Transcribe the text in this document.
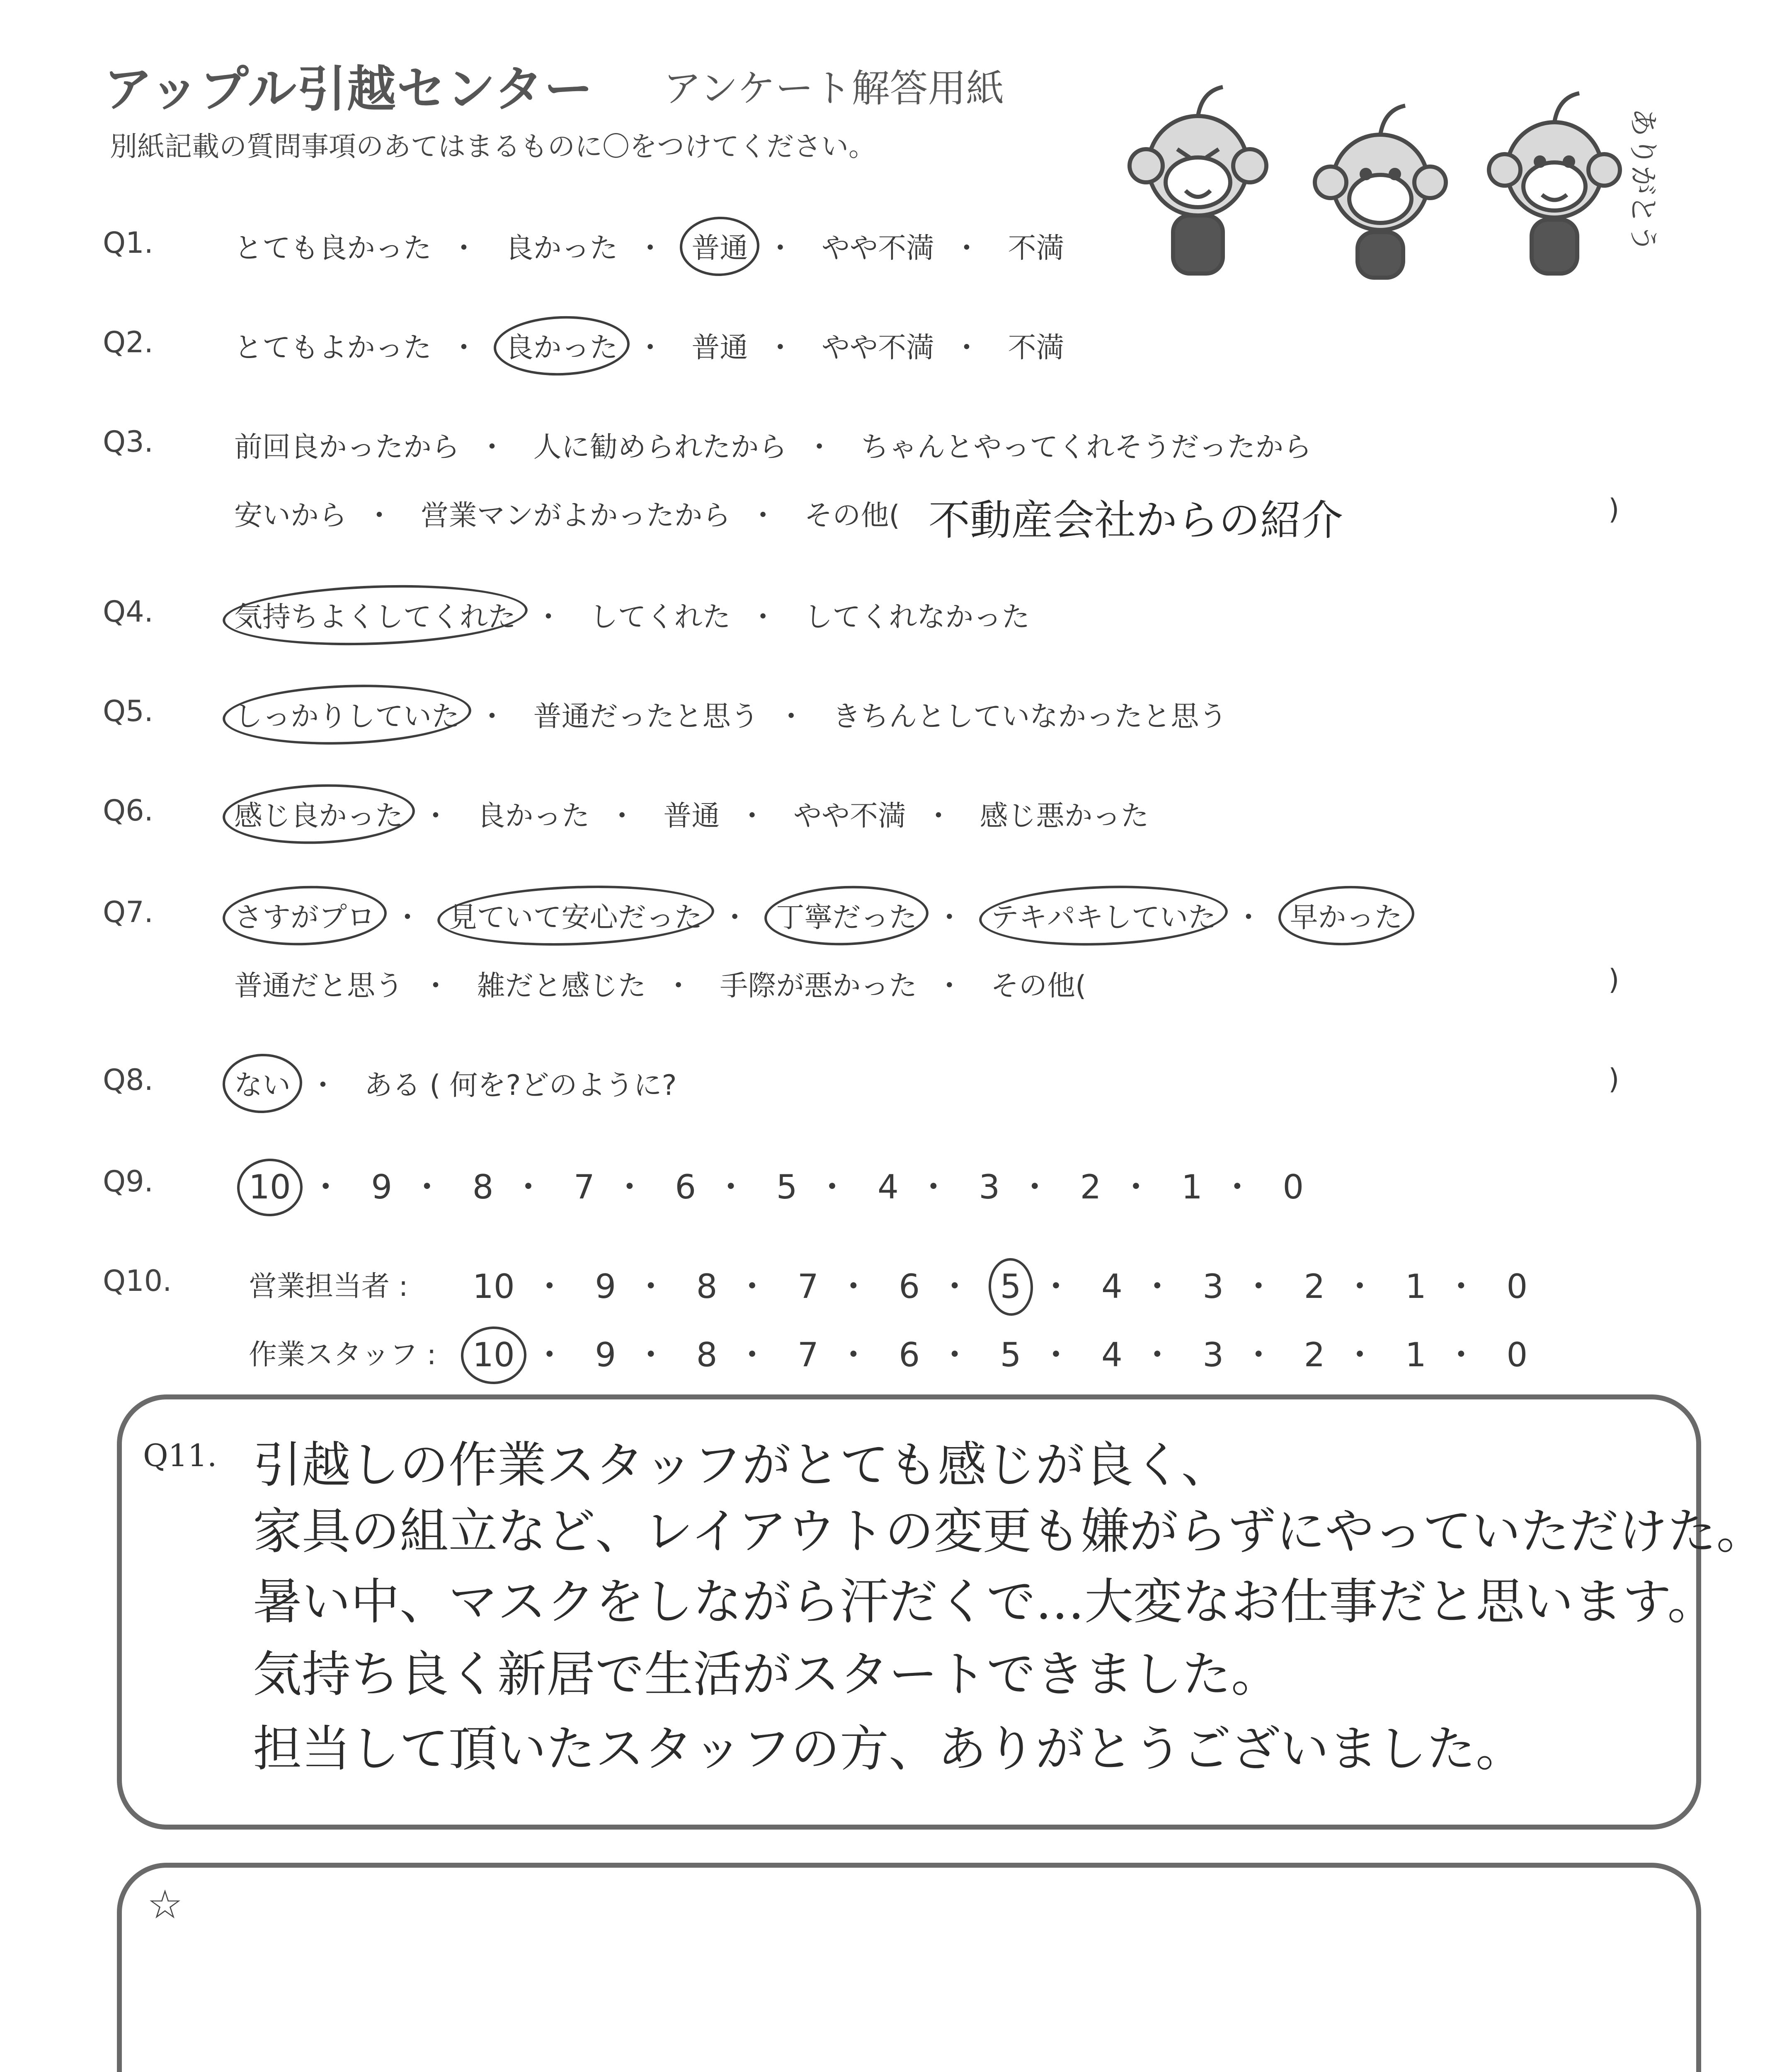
アップル引越センター アンケート解答用紙
別紙記載の質問事項のあてはまるものに〇をつけてください。	ありがとう
Q1.	とても良かった ・ 良かった ・ 普通 ・ やや不満 ・ 不満
Q2.	とてもよかった ・ 良かった ・ 普通 ・ やや不満 ・ 不満
Q3.	前回良かったから ・ 人に勧められたから ・ ちゃんとやってくれそうだったから
安いから ・ 営業マンがよかったから ・ その他( 不動産会社からの紹介	)
Q4.	気持ちよくしてくれた ・ してくれた ・ してくれなかった
Q5.	しっかりしていた ・ 普通だったと思う ・ きちんとしていなかったと思う
Q6.	感じ良かった ・ 良かった ・ 普通 ・ やや不満 ・ 感じ悪かった
Q7.	さすがプロ ・ 見ていて安心だった ・ 丁寧だった ・ テキパキしていた ・ 早かった
普通だと思う ・ 雑だと感じた ・ 手際が悪かった ・ その他(	)
Q8.	ない ・ ある ( 何を?どのように?	)
Q9.	10 ・ 9 ・ 8 ・ 7 ・ 6 ・ 5 ・ 4 ・ 3 ・ 2 ・ 1 ・ 0
Q10.	営業担当者 : 10 ・ 9 ・ 8 ・ 7 ・ 6 ・ 5 ・ 4 ・ 3 ・ 2 ・ 1 ・ 0
作業スタッフ : 10 ・ 9 ・ 8 ・ 7 ・ 6 ・ 5 ・ 4 ・ 3 ・ 2 ・ 1 ・ 0
Q11. 引越しの作業スタッフがとても感じが良く、
家具の組立など、レイアウトの変更も嫌がらずにやっていただけた。
暑い中、マスクをしながら汗だくで…大変なお仕事だと思います。
気持ち良く新居で生活がスタートできました。
担当して頂いたスタッフの方、ありがとうございました。
☆
